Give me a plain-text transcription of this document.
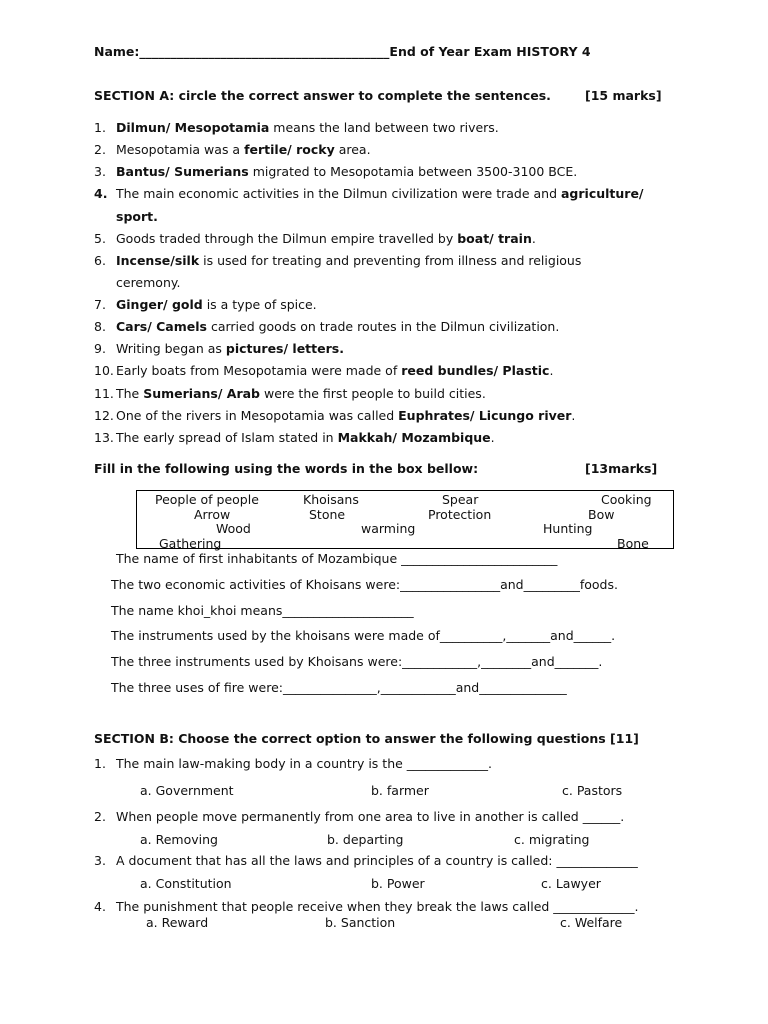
Name:________________________________________End of Year Exam HISTORY 4
SECTION A: circle the correct answer to complete the sentences.	[15 marks]
1. Dilmun/ Mesopotamia means the land between two rivers.
2. Mesopotamia was a fertile/ rocky area.
3. Bantus/ Sumerians migrated to Mesopotamia between 3500-3100 BCE.
4. The main economic activities in the Dilmun civilization were trade and agriculture/
sport.
5. Goods traded through the Dilmun empire travelled by boat/ train.
6. Incense/silk is used for treating and preventing from illness and religious
ceremony.
7. Ginger/ gold is a type of spice.
8. Cars/ Camels carried goods on trade routes in the Dilmun civilization.
9. Writing began as pictures/ letters.
10. Early boats from Mesopotamia were made of reed bundles/ Plastic.
11. The Sumerians/ Arab were the first people to build cities.
12. One of the rivers in Mesopotamia was called Euphrates/ Licungo river.
13. The early spread of Islam stated in Makkah/ Mozambique.
Fill in the following using the words in the box bellow:	[13marks]
People of people	Khoisans	Spear	Cooking
Arrow	Stone	Protection	Bow
Wood	warming	Hunting
Gathering	Bone
The name of first inhabitants of Mozambique _________________________
The two economic activities of Khoisans were:________________and_________foods.
The name khoi_khoi means_____________________
The instruments used by the khoisans were made of__________,_______and______.
The three instruments used by Khoisans were:____________,________and_______.
The three uses of fire were:_______________,____________and______________
SECTION B: Choose the correct option to answer the following questions [11]
1. The main law-making body in a country is the _____________.
a. Government	b. farmer	c. Pastors
2. When people move permanently from one area to live in another is called ______.
a. Removing	b. departing	c. migrating
3. A document that has all the laws and principles of a country is called: _____________
a. Constitution	b. Power	c. Lawyer
4. The punishment that people receive when they break the laws called _____________.
a. Reward	b. Sanction	c. Welfare
